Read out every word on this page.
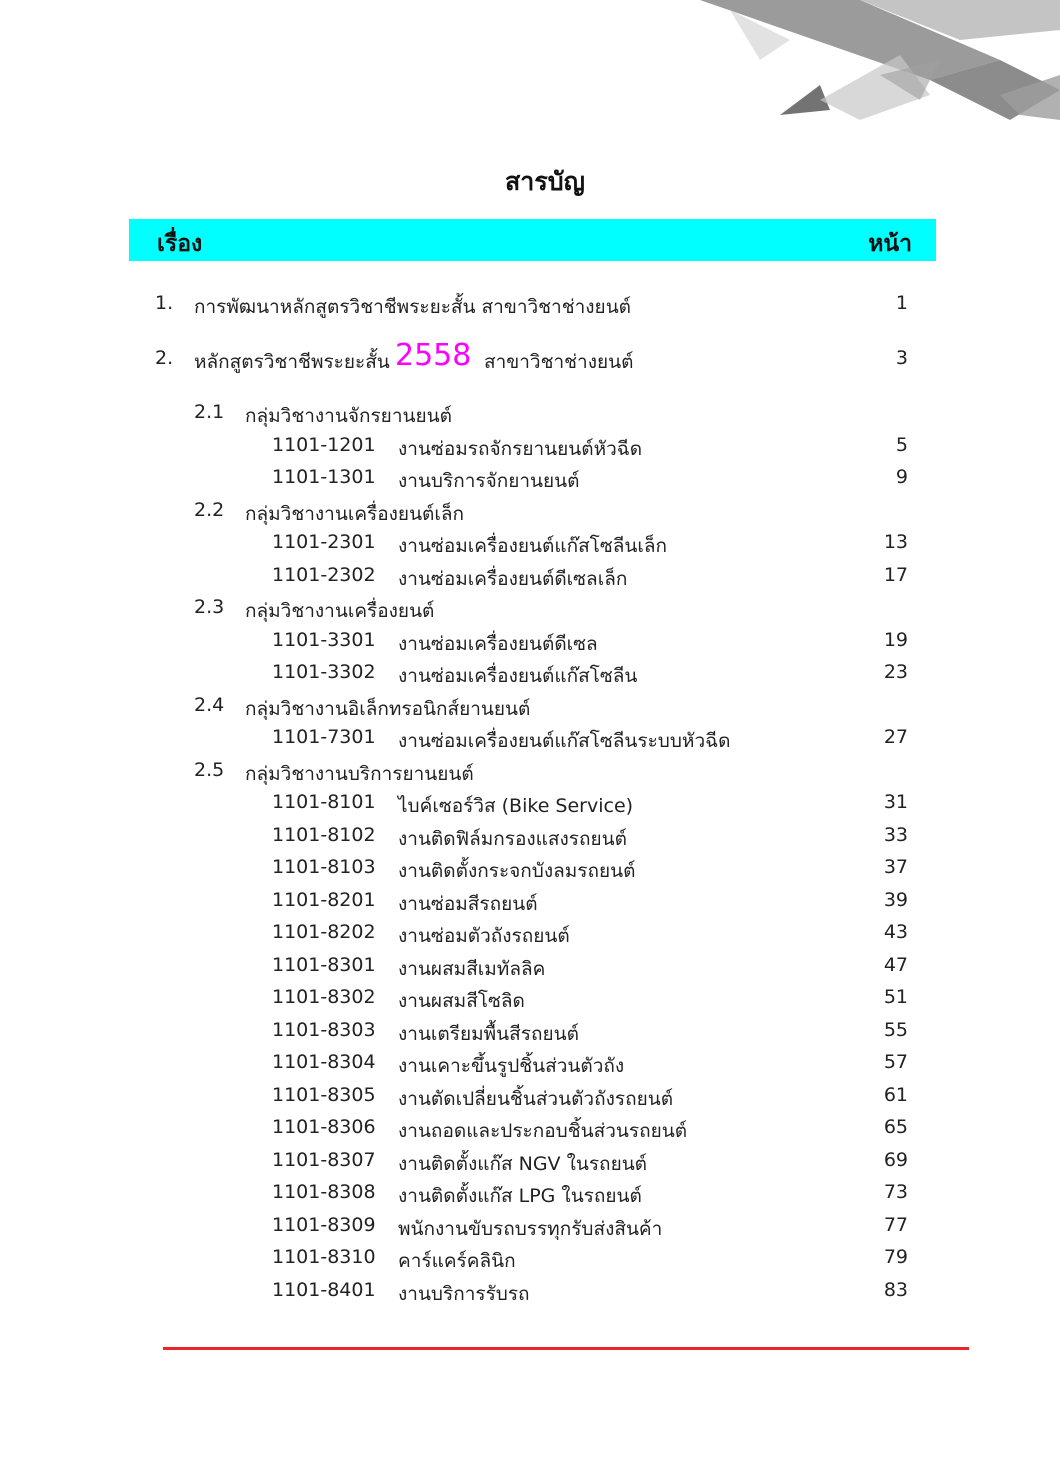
สารบัญ
เรื่อง	หน้า
1. การพัฒนาหลักสูตรวิชาชีพระยะสั้น สาขาวิชาช่างยนต์	1
2. หลักสูตรวิชาชีพระยะสั้น 2558 สาขาวิชาช่างยนต์	3
2.1 กลุ่มวิชางานจักรยานยนต์
1101-1201 งานซ่อมรถจักรยานยนต์หัวฉีด	5
1101-1301 งานบริการจักยานยนต์	9
2.2 กลุ่มวิชางานเครื่องยนต์เล็ก
1101-2301 งานซ่อมเครื่องยนต์แก๊สโซลีนเล็ก	13
1101-2302 งานซ่อมเครื่องยนต์ดีเซลเล็ก	17
2.3 กลุ่มวิชางานเครื่องยนต์
1101-3301 งานซ่อมเครื่องยนต์ดีเซล	19
1101-3302 งานซ่อมเครื่องยนต์แก๊สโซลีน	23
2.4 กลุ่มวิชางานอิเล็กทรอนิกส์ยานยนต์
1101-7301 งานซ่อมเครื่องยนต์แก๊สโซลีนระบบหัวฉีด	27
2.5 กลุ่มวิชางานบริการยานยนต์
1101-8101 ไบค์เซอร์วิส (Bike Service)	31
1101-8102 งานติดฟิล์มกรองแสงรถยนต์	33
1101-8103 งานติดตั้งกระจกบังลมรถยนต์	37
1101-8201 งานซ่อมสีรถยนต์	39
1101-8202 งานซ่อมตัวถังรถยนต์	43
1101-8301 งานผสมสีเมทัลลิค	47
1101-8302 งานผสมสีโซลิด	51
1101-8303 งานเตรียมพื้นสีรถยนต์	55
1101-8304 งานเคาะขึ้นรูปชิ้นส่วนตัวถัง	57
1101-8305 งานตัดเปลี่ยนชิ้นส่วนตัวถังรถยนต์	61
1101-8306 งานถอดและประกอบชิ้นส่วนรถยนต์	65
1101-8307 งานติดตั้งแก๊ส NGV ในรถยนต์	69
1101-8308 งานติดตั้งแก๊ส LPG ในรถยนต์	73
1101-8309 พนักงานขับรถบรรทุกรับส่งสินค้า	77
1101-8310 คาร์แคร์คลินิก	79
1101-8401 งานบริการรับรถ	83
